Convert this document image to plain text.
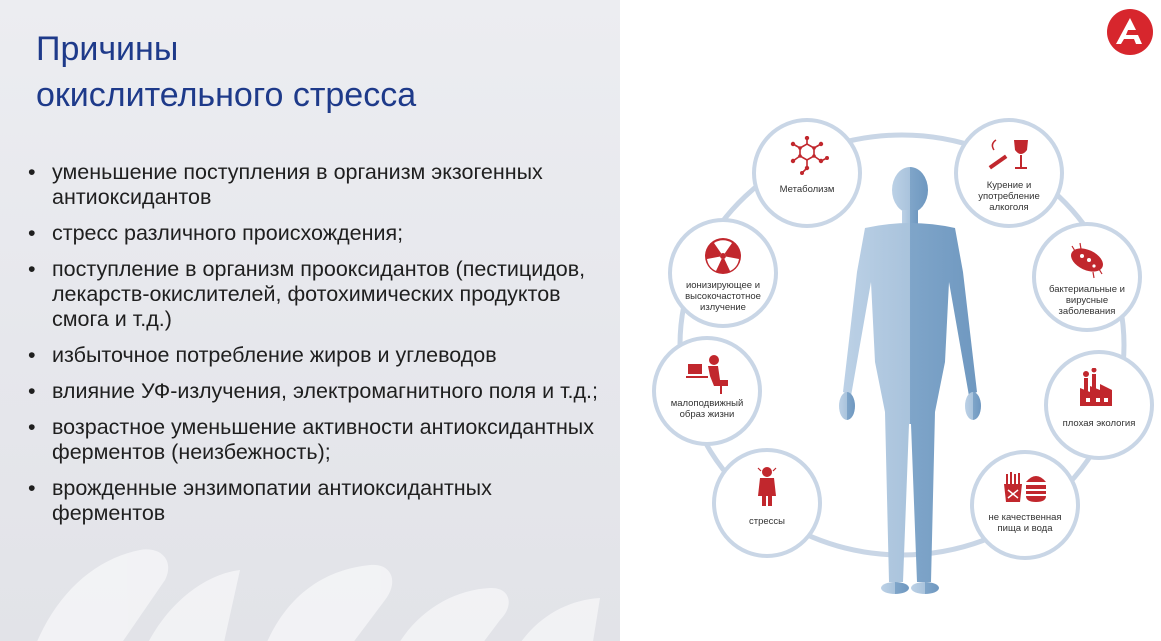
Причины
окислительного стресса
• уменьшение поступления в организм экзогенных антиоксидантов
• стресс различного происхождения;
• поступление в организм прооксидантов (пестицидов, лекарств-окислителей, фотохимических продуктов смога и т.д.)
• избыточное потребление жиров и углеводов
• влияние УФ-излучения, электромагнитного поля и т.д.;
• возрастное уменьшение активности антиоксидантных ферментов (неизбежность);
• врожденные энзимопатии антиоксидантных ферментов
Метаболизм	Курение и употребление алкоголя
ионизирующее и высокочастотное излучение
бактериальные и вирусные заболевания
малоподвижный образ жизни
плохая экология
стрессы	не качественная пища и вода
